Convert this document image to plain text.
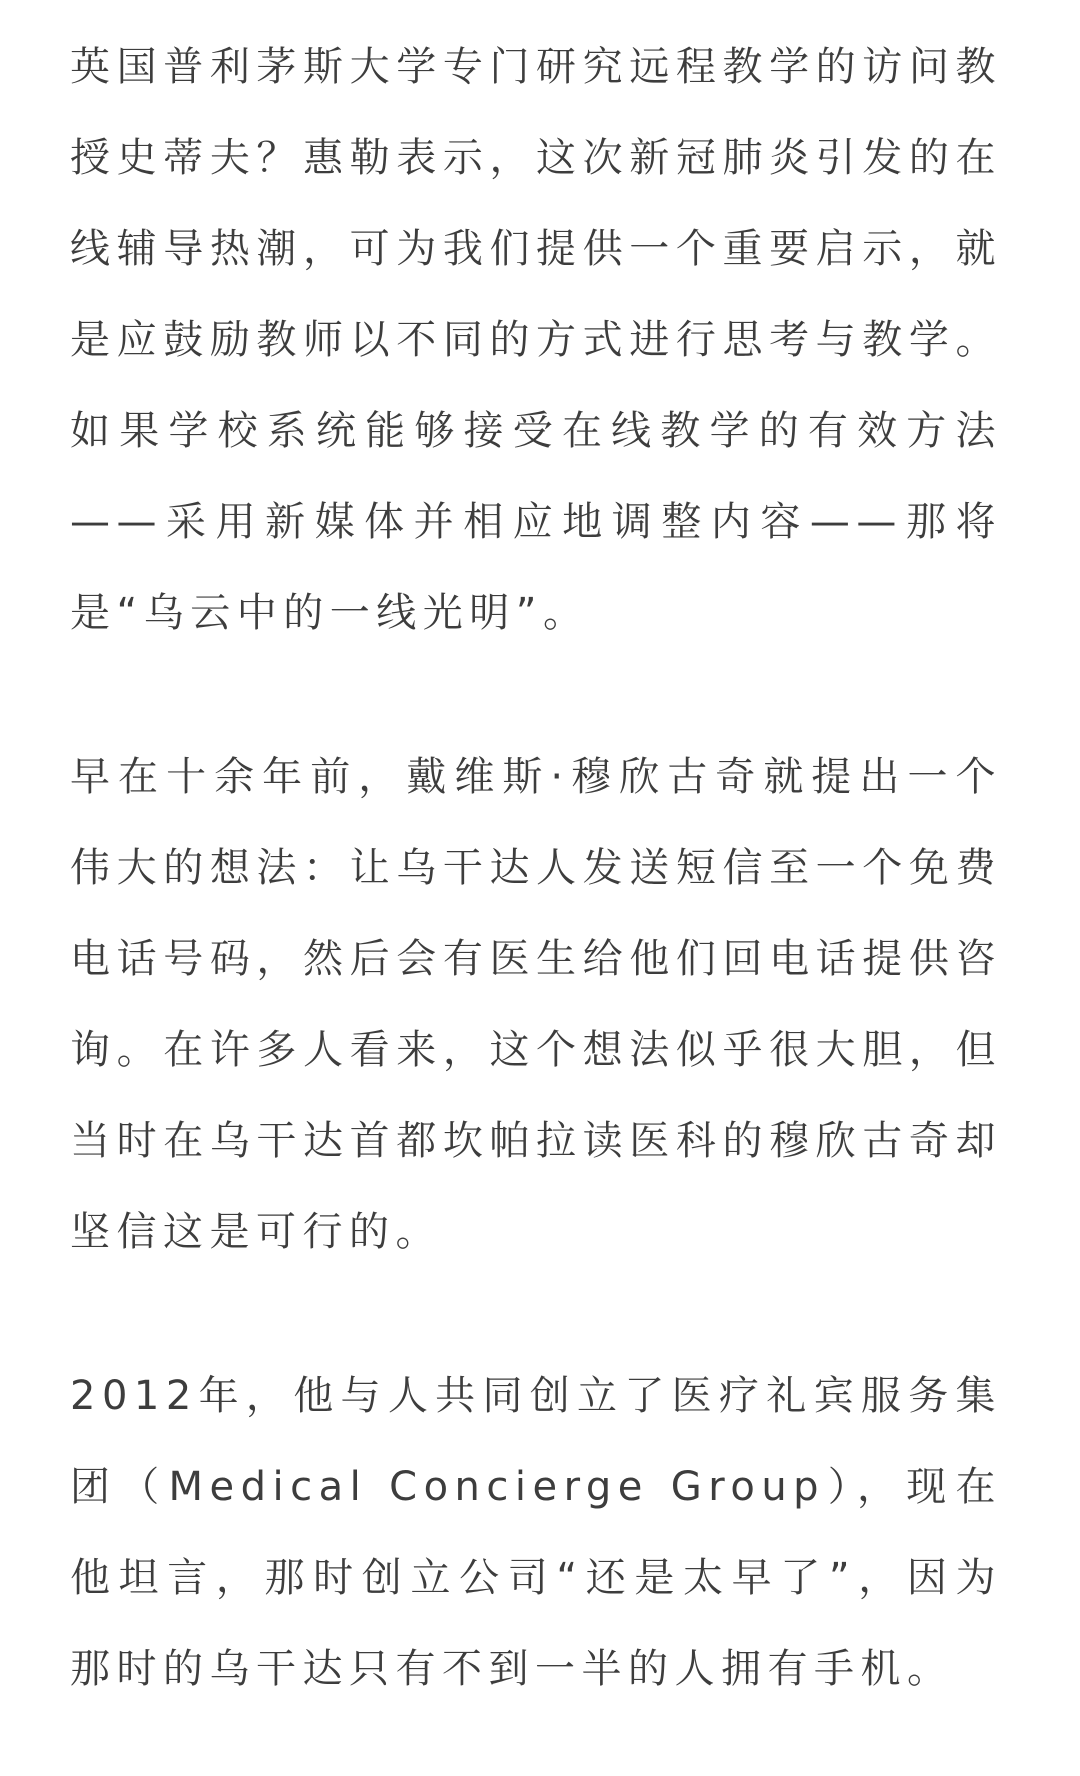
英国普利茅斯大学专门研究远程教学的访问教授史蒂夫？惠勒表示，这次新冠肺炎引发的在线辅导热潮，可为我们提供一个重要启示，就是应鼓励教师以不同的方式进行思考与教学。如果学校系统能够接受在线教学的有效方法——采用新媒体并相应地调整内容——那将是“乌云中的一线光明”。

早在十余年前，戴维斯·穆欣古奇就提出一个伟大的想法：让乌干达人发送短信至一个免费电话号码，然后会有医生给他们回电话提供咨询。在许多人看来，这个想法似乎很大胆，但当时在乌干达首都坎帕拉读医科的穆欣古奇却坚信这是可行的。

2012年，他与人共同创立了医疗礼宾服务集团（Medical Concierge Group），现在他坦言，那时创立公司“还是太早了”，因为那时的乌干达只有不到一半的人拥有手机。
